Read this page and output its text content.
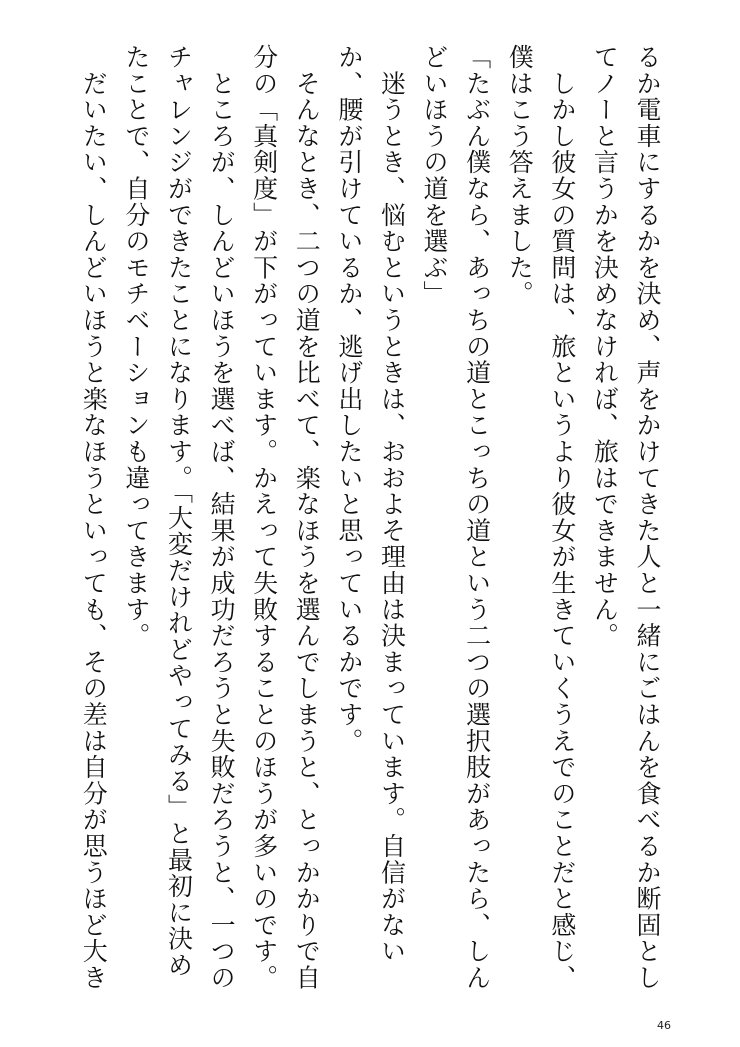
るか電車にするかを決め、声をかけてきた人と一緒にごはんを食べるか断固とし
てノーと言うかを決めなければ、旅はできません。
　しかし彼女の質問は、旅というより彼女が生きていくうえでのことだと感じ、
僕はこう答えました。
「たぶん僕なら、あっちの道とこっちの道という二つの選択肢があったら、しん
どいほうの道を選ぶ」
　迷うとき、悩むというときは、おおよそ理由は決まっています。自信がない
か、腰が引けているか、逃げ出したいと思っているかです。
　そんなとき、二つの道を比べて、楽なほうを選んでしまうと、とっかかりで自
分の「真剣度」が下がっています。かえって失敗することのほうが多いのです。
　ところが、しんどいほうを選べば、結果が成功だろうと失敗だろうと、一つの
チャレンジができたことになります。「大変だけれどやってみる」と最初に決め
たことで、自分のモチベーションも違ってきます。
　だいたい、しんどいほうと楽なほうといっても、その差は自分が思うほど大き
46
